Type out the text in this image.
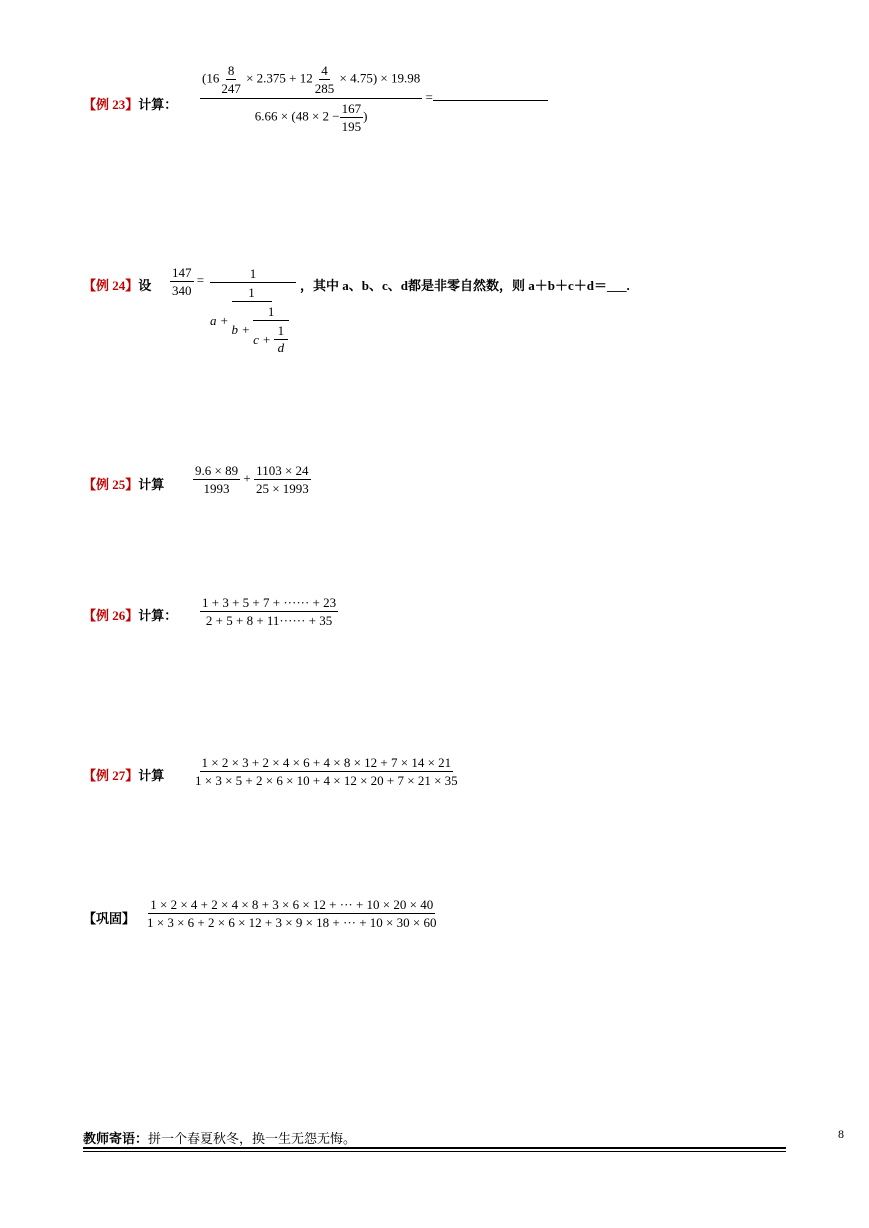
【例 23】计算： $\frac{(16 \frac{8}{247} \times 2.375 + 12 \frac{4}{285} \times 4.75) \times 19.98}{6.66 \times (48 \times 2 - \frac{167}{195} )}$ =
【例 24】设 $\frac{147}{340}$ =	1
a +
1
b +
1
c +
1
d
，其中 a、b、c、d都是非零自然数，则 a＋b＋c＋d＝___.
【例 25】计算 $\frac{9.6 \times 89}{1993} + \frac{1103 \times 24}{25 \times 1993}$
【例 26】计算： $\frac{1 + 3 + 5 + 7 + \cdot\cdot\cdot\cdot\cdot\cdot + 23}{2 + 5 + 8 + 11\cdot\cdot\cdot\cdot\cdot\cdot + 35}$
【例 27】计算 $\frac{1 \times 2 \times 3 + 2 \times 4 \times 6 + 4 \times 8 \times 12 + 7 \times 14 \times 21}{1 \times 3 \times 5 + 2 \times 6 \times 10 + 4 \times 12 \times 20 + 7 \times 21 \times 35}$
【巩固】 $\frac{1 \times 2 \times 4 + 2 \times 4 \times 8 + 3 \times 6 \times 12 + \cdot\cdot\cdot + 10 \times 20 \times 40}{1 \times 3 \times 6 + 2 \times 6 \times 12 + 3 \times 9 \times 18 + \cdot\cdot\cdot + 10 \times 30 \times 60}$
教师寄语：拼一个春夏秋冬，换一生无怨无悔。	8
